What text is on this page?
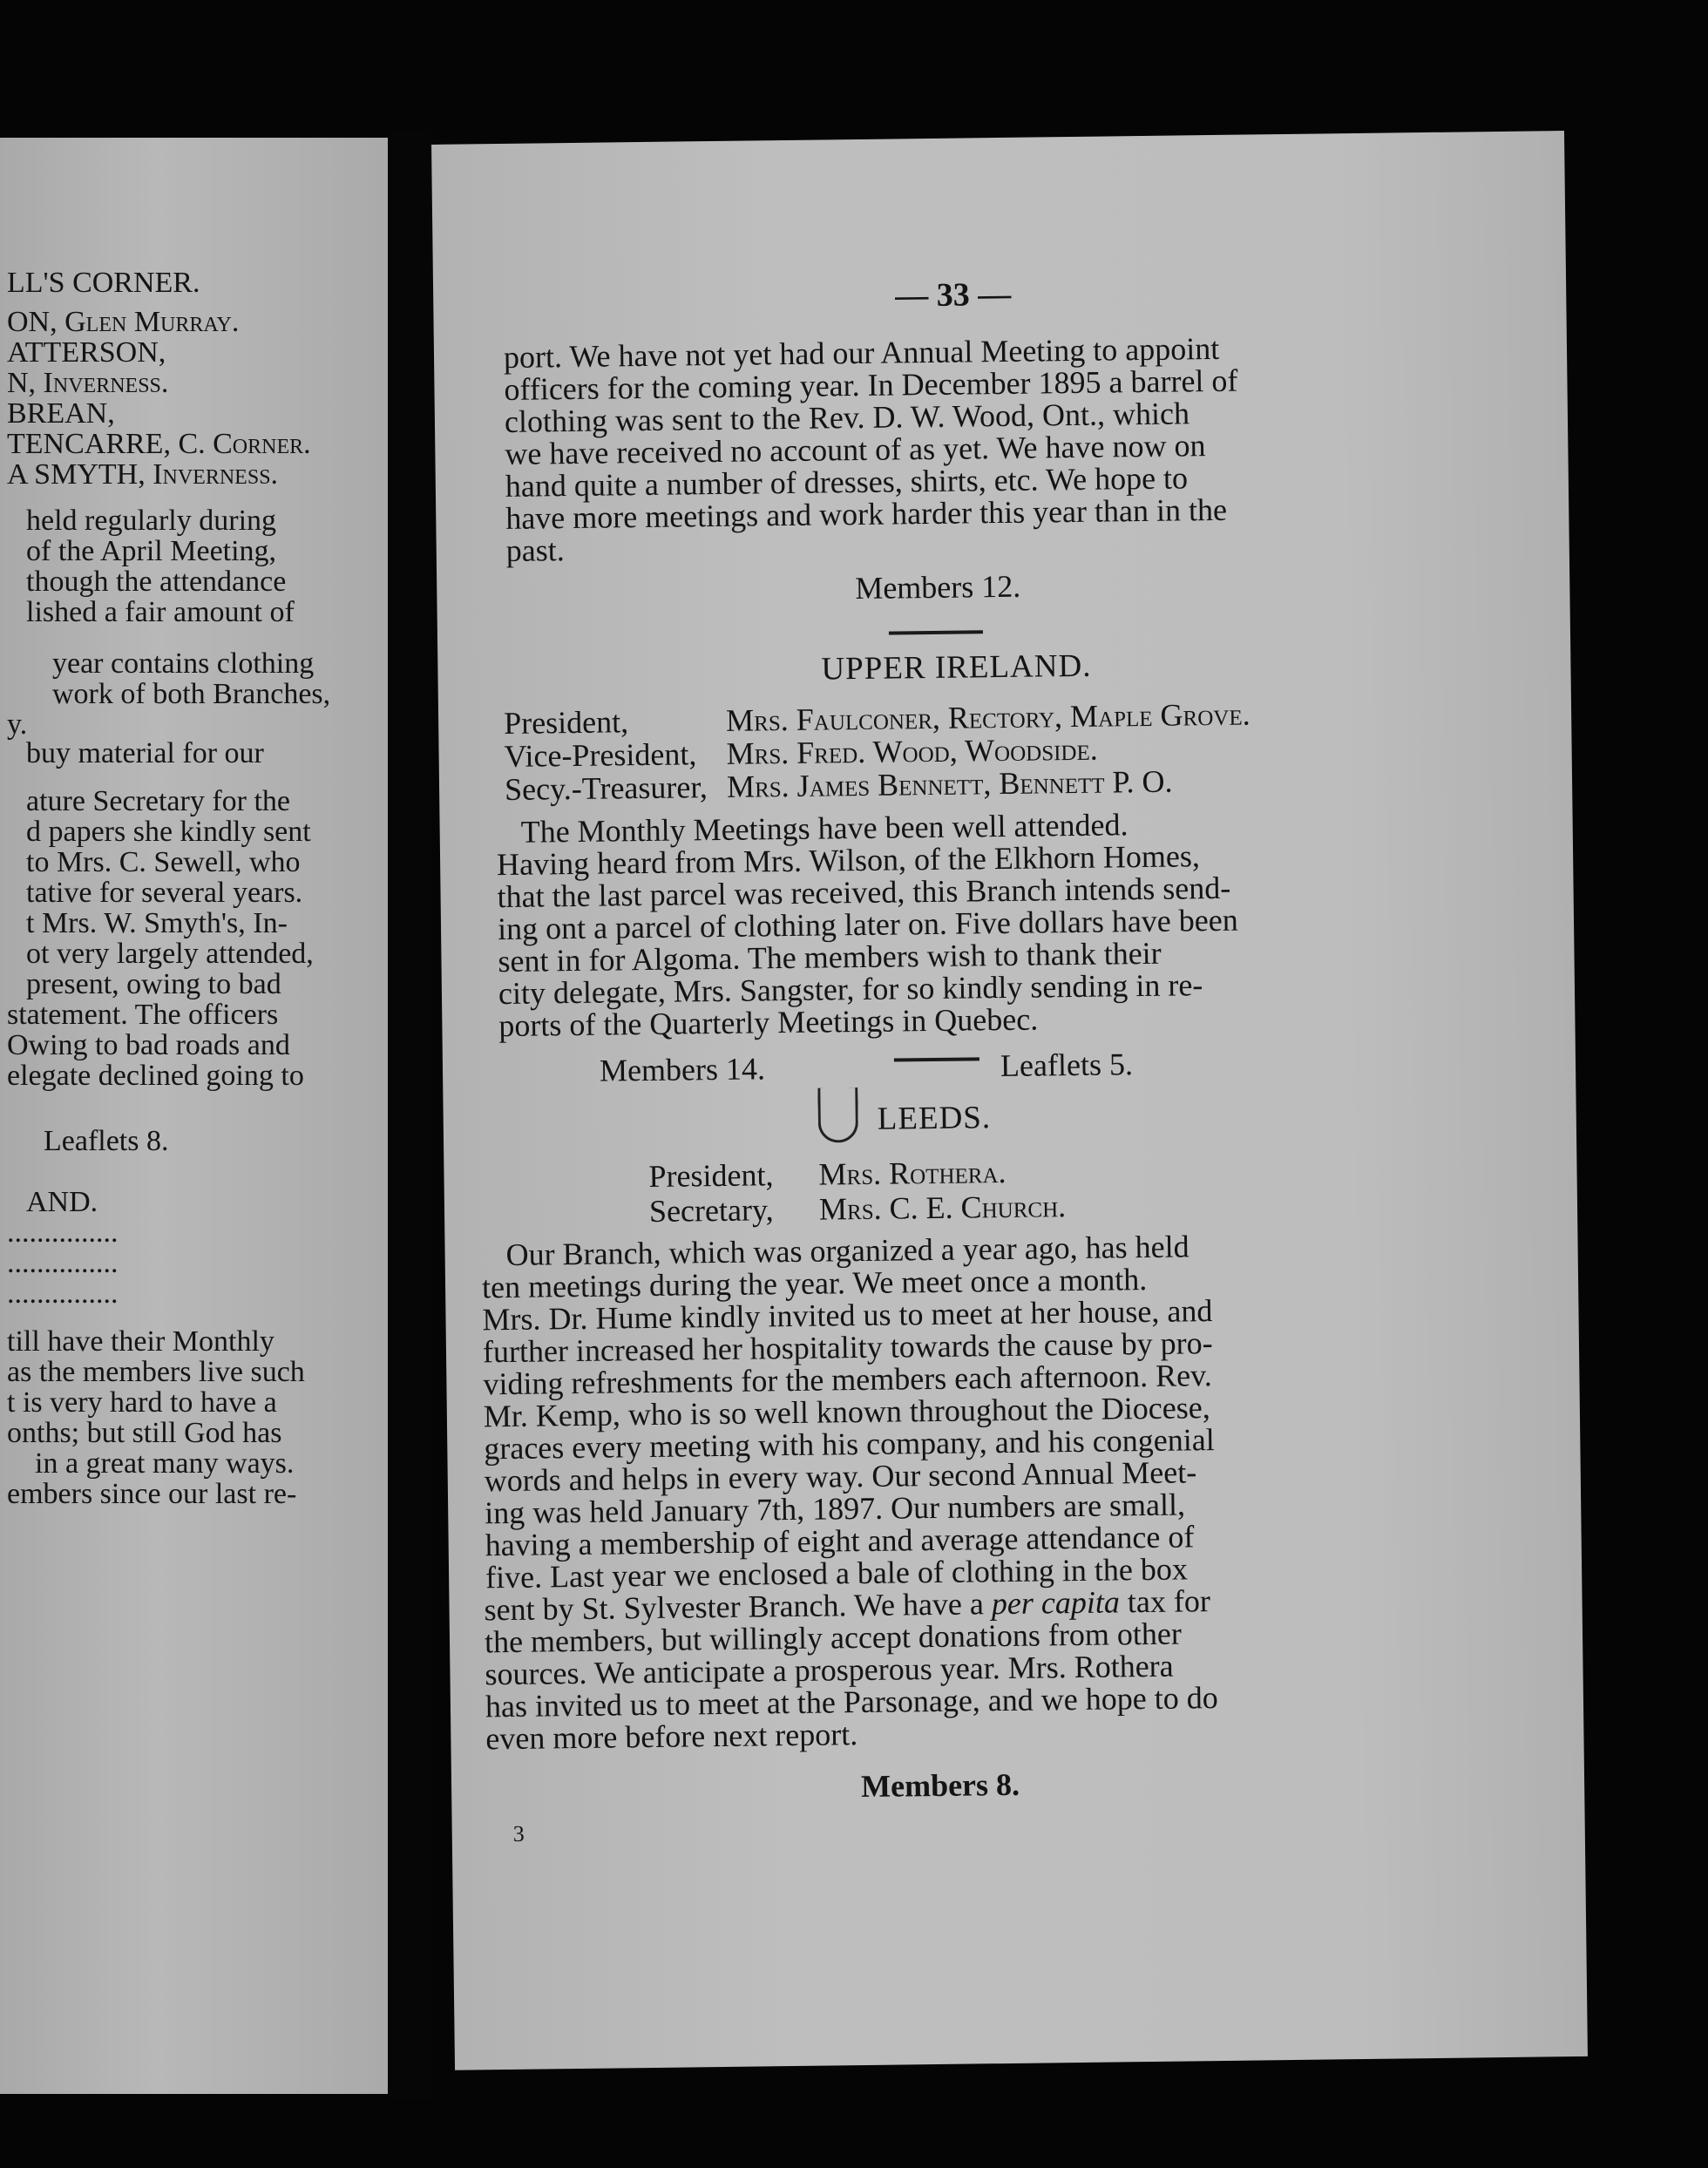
LL'S CORNER.
ON, Glen Murray.
ATTERSON,
N, Inverness.
BREAN,
TENCARRE, C. Corner.
A SMYTH, Inverness.
held regularly during
of the April Meeting,
though the attendance
lished a fair amount of
year contains clothing
work of both Branches,
y.
buy material for our
ature Secretary for the
d papers she kindly sent
to Mrs. C. Sewell, who
tative for several years.
t Mrs. W. Smyth's, In-
ot very largely attended,
present, owing to bad
statement. The officers
Owing to bad roads and
elegate declined going to
Leaflets 8.
AND.
...............
...............
...............
till have their Monthly
as the members live such
t is very hard to have a
onths; but still God has
in a great many ways.
embers since our last re-
— 33 —
port. We have not yet had our Annual Meeting to appoint
officers for the coming year. In December 1895 a barrel of
clothing was sent to the Rev. D. W. Wood, Ont., which
we have received no account of as yet. We have now on
hand quite a number of dresses, shirts, etc. We hope to
have more meetings and work harder this year than in the
past.
Members 12.
UPPER IRELAND.
President,	Mrs. Faulconer, Rectory, Maple Grove.
Vice-President, Mrs. Fred. Wood, Woodside.
Secy.-Treasurer, Mrs. James Bennett, Bennett P. O.
The Monthly Meetings have been well attended.
Having heard from Mrs. Wilson, of the Elkhorn Homes,
that the last parcel was received, this Branch intends send-
ing ont a parcel of clothing later on. Five dollars have been
sent in for Algoma. The members wish to thank their
city delegate, Mrs. Sangster, for so kindly sending in re-
ports of the Quarterly Meetings in Quebec.
Members 14.	Leaflets 5.
LEEDS.
President, Mrs. Rothera.
Secretary, Mrs. C. E. Church.
Our Branch, which was organized a year ago, has held
ten meetings during the year. We meet once a month.
Mrs. Dr. Hume kindly invited us to meet at her house, and
further increased her hospitality towards the cause by pro-
viding refreshments for the members each afternoon. Rev.
Mr. Kemp, who is so well known throughout the Diocese,
graces every meeting with his company, and his congenial
words and helps in every way. Our second Annual Meet-
ing was held January 7th, 1897. Our numbers are small,
having a membership of eight and average attendance of
five. Last year we enclosed a bale of clothing in the box
sent by St. Sylvester Branch. We have a per capita tax for
the members, but willingly accept donations from other
sources. We anticipate a prosperous year. Mrs. Rothera
has invited us to meet at the Parsonage, and we hope to do
even more before next report.
Members 8.
3
